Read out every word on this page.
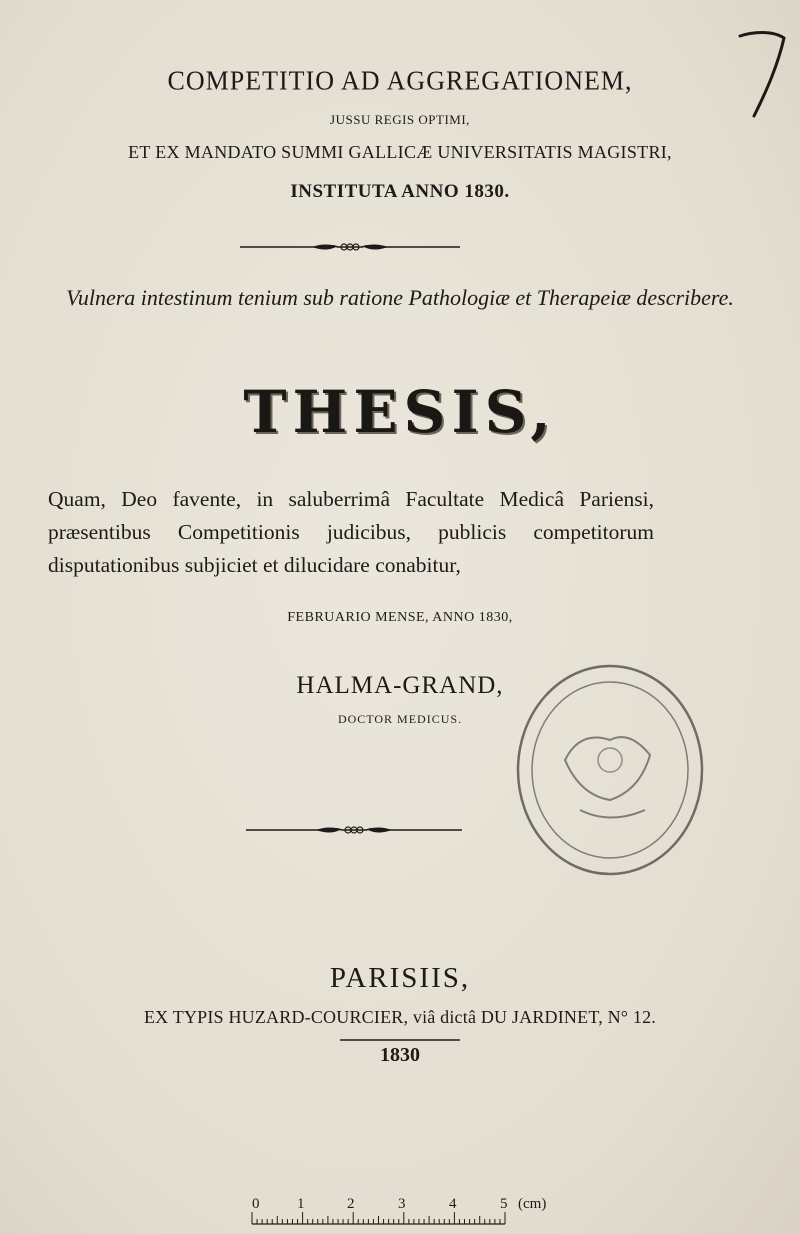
COMPETITIO AD AGGREGATIONEM,
JUSSU REGIS OPTIMI,
ET EX MANDATO SUMMI GALLICÆ UNIVERSITATIS MAGISTRI,
INSTITUTA ANNO 1830.
Vulnera intestinum tenium sub ratione Pathologiæ et Therapeiæ describere.
THESIS,
Quam, Deo favente, in saluberrimâ Facultate Medicâ Pariensi, præsentibus Competitionis judicibus, publicis competitorum disputationibus subjiciet et dilucidare conabitur,
FEBRUARIO MENSE, ANNO 1830,
HALMA-GRAND,
DOCTOR MEDICUS.
PARISIIS,
EX TYPIS HUZARD-COURCIER, viâ dictâ DU JARDINET, N° 12.
1830
0	1	2	3	4	5 (cm)
